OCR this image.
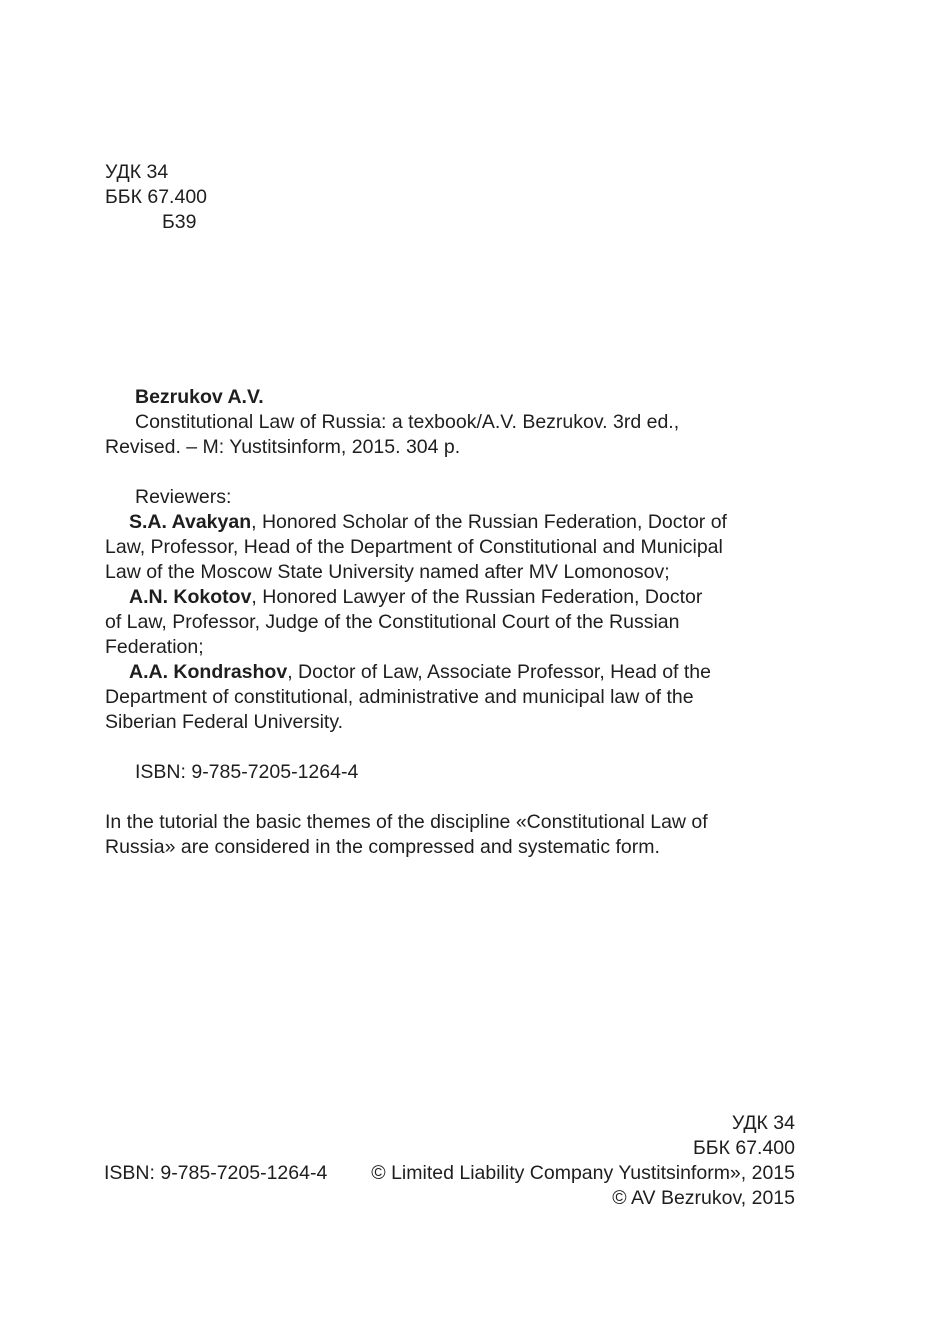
УДК 34
ББК 67.400
Б39
Bezrukov A.V.
Constitutional Law of Russia: a texbook/A.V. Bezrukov. 3rd ed.,
Revised. – M: Yustitsinform, 2015. 304 p.
Reviewers:
S.A. Avakyan, Honored Scholar of the Russian Federation, Doctor of
Law, Professor, Head of the Department of Constitutional and Municipal
Law of the Moscow State University named after MV Lomonosov;
A.N. Kokotov, Honored Lawyer of the Russian Federation, Doctor
of Law, Professor, Judge of the Constitutional Court of the Russian
Federation;
A.A. Kondrashov, Doctor of Law, Associate Professor, Head of the
Department of constitutional, administrative and municipal law of the
Siberian Federal University.
ISBN: 9-785-7205-1264-4
In the tutorial the basic themes of the discipline «Constitutional Law of
Russia» are considered in the compressed and systematic form.
ISBN: 9-785-7205-1264-4
УДК 34
ББК 67.400
© Limited Liability Company Yustitsinform», 2015
© AV Bezrukov, 2015
